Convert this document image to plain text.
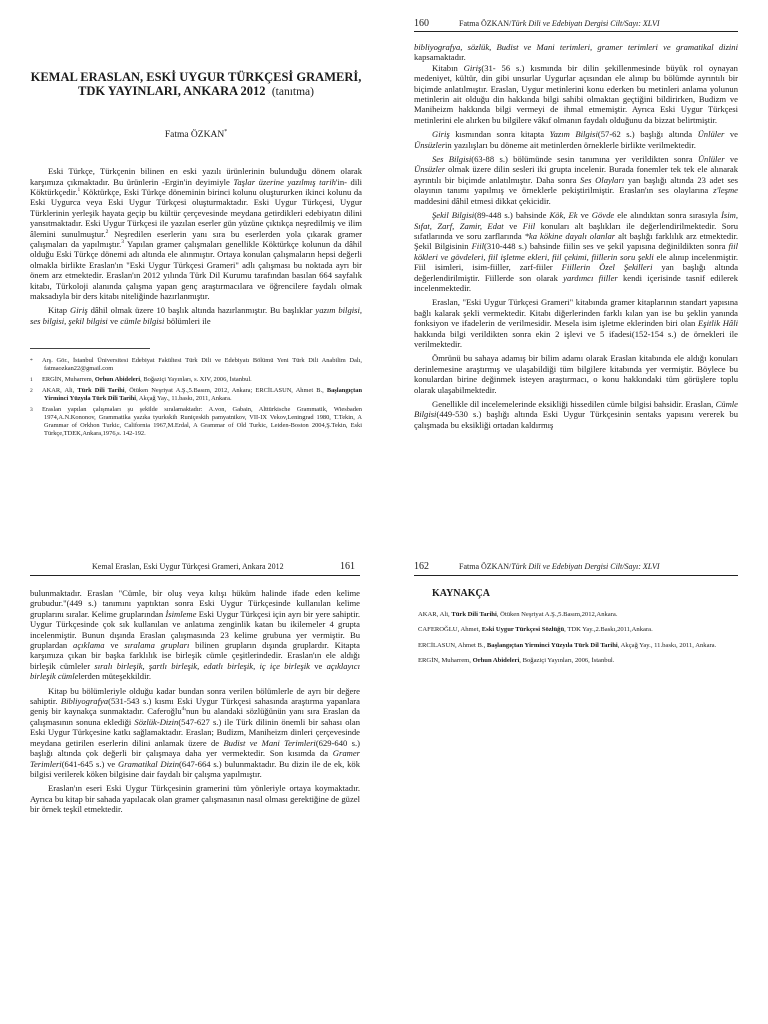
160	Fatma ÖZKAN/Türk Dili ve Edebiyatı Dergisi Cilt/Sayı: XLVI
KEMAL ERASLAN, ESKİ UYGUR TÜRKÇESİ GRAMERİ,
TDK YAYINLARI, ANKARA 2012 (tanıtma)
Fatma ÖZKAN*

Eski Türkçe, Türkçenin bilinen en eski yazılı ürünlerinin bulunduğu dönem olarak karşımıza çıkmaktadır. Bu ürünlerin -Ergin'in deyimiyle Taşlar üzerine yazılmış tarih'in- dili Köktürkçedir.$^1$ Köktürkçe, Eski Türkçe döneminin birinci kolunu oluştururken ikinci kolunu da Eski Uygurca veya Eski Uygur Türkçesi oluşturmaktadır. Eski Uygur Türkçesi, Uygur Türklerinin yerleşik hayata geçip bu kültür çerçevesinde meydana getirdikleri edebiyatın dilini yansıtmaktadır. Eski Uygur Türkçesi ile yazılan eserler gün yüzüne çıktıkça neşredilmiş ve ilim âlemini sunulmuştur.$^2$ Neşredilen eserlerin yanı sıra bu eserlerden yola çıkarak gramer çalışmaları da yapılmıştır.$^3$ Yapılan gramer çalışmaları genellikle Köktürkçe kolunun da dâhil olduğu Eski Türkçe dönemi adı altında ele alınmıştır. Ortaya konulan çalışmaların hepsi değerli olmakla birlikte Eraslan'ın "Eski Uygur Türkçesi Grameri" adlı çalışması bu noktada ayrı bir önem arz etmektedir. Eraslan'ın 2012 yılında Türk Dil Kurumu tarafından basılan 664 sayfalık kitabı, Türkoloji alanında çalışma yapan genç araştırmacılara ve öğrencilere faydalı olmak maksadıyla bir ders kitabı niteliğinde hazırlanmıştır.

Kitap Giriş dâhil olmak üzere 10 başlık altında hazırlanmıştır. Bu başlıklar yazım bilgisi, ses bilgisi, şekil bilgisi ve cümle bilgisi bölümleri ile

* Arş. Gör., İstanbul Üniversitesi Edebiyat Fakültesi Türk Dili ve Edebiyatı Bölümü Yeni Türk Dili Anabilim Dalı, fatmaozkan22@gmail.com
1 ERGİN, Muharrem, Orhun Abideleri, Boğaziçi Yayınları, s. XIV, 2006, İstanbul.
2 AKAR, Ali, Türk Dili Tarihi, Ötüken Neşriyat A.Ş.,5.Basım, 2012, Ankara; ERCİLASUN, Ahmet B., Başlangıçtan Yirminci Yüzyıla Türk Dili Tarihi, Akçağ Yay., 11.baskı, 2011, Ankara.
3 Eraslan yapılan çalışmaları şu şekilde sıralamaktadır: A.von, Gabain, Alttürkische Grammatik, Wiesbaden 1974,A.N.Kononov, Grammatika yazıka tyurkskih Runiçeskih pamyatnikov, VII-IX Vekov,Leningrad 1980, T.Tekin, A Grammar of Orkhon Turkic, California 1967,M.Erdal, A Grammar of Old Turkic, Leiden-Boston 2004,Ş.Tekin, Eski Türkçe,TDEK,Ankara,1976,s. 142-192.

bibliyografya, sözlük, Budist ve Mani terimleri, gramer terimleri ve gramatikal dizini kapsamaktadır.

Kitabın Giriş(31- 56 s.) kısmında bir dilin şekillenmesinde büyük rol oynayan medeniyet, kültür, din gibi unsurlar Uygurlar açısından ele alınıp bu bölümde ayrıntılı bir biçimde anlatılmıştır. Eraslan, Uygur metinlerini konu ederken bu metinleri anlama yolunun metinlerin ait olduğu din hakkında bilgi sahibi olmaktan geçtiğini bildirirken, Budizm ve Maniheizm hakkında bilgi vermeyi de ihmal etmemiştir. Ayrıca Eski Uygur Türkçesi metinlerini ele alırken bu bilgilere vâkıf olmanın faydalı olduğunu da bizzat belirtmiştir.

Giriş kısmından sonra kitapta Yazım Bilgisi(57-62 s.) başlığı altında Ünlüler ve Ünsüzlerin yazılışları bu döneme ait metinlerden örneklerle birlikte verilmektedir.

Ses Bilgisi(63-88 s.) bölümünde sesin tanımına yer verildikten sonra Ünlüler ve Ünsüzler olmak üzere dilin sesleri iki grupta incelenir. Burada fonemler tek tek ele alınarak ayrıntılı bir biçimde anlatılmıştır. Daha sonra Ses Olayları yan başlığı altında 23 adet ses olayının tanımı yapılmış ve örneklerle pekiştirilmiştir. Eraslan'ın ses olaylarına z'leşme maddesini dâhil etmesi dikkat çekicidir.

Şekil Bilgisi(89-448 s.) bahsinde Kök, Ek ve Gövde ele alındıktan sonra sırasıyla İsim, Sıfat, Zarf, Zamir, Edat ve Fiil konuları alt başlıkları ile değerlendirilmektedir. Soru sıfatlarında ve soru zarflarında *ka kökine dayalı olanlar alt başlığı farklılık arz etmektedir. Şekil Bilgisinin Fiil(310-448 s.) bahsinde fiilin ses ve şekil yapısına değinildikten sonra fiil kökleri ve gövdeleri, fiil işletme ekleri, fiil çekimi, fiillerin soru şekli ele alınıp incelenmiştir. Fiil isimleri, isim-fiiller, zarf-fiiler Fiillerin Özel Şekilleri yan başlığı altında değerlendirilmiştir. Fiillerde son olarak yardımcı fiiller kendi içerisinde tasnif edilerek incelenmektedir.

Eraslan, "Eski Uygur Türkçesi Grameri" kitabında gramer kitaplarının standart yapısına bağlı kalarak şekli vermektedir. Kitabı diğerlerinden farklı kılan yan ise bu şeklin yanında fonksiyon ve ifadelerin de verilmesidir. Mesela isim işletme eklerinden biri olan Eşitlik Hâli hakkında bilgi verildikten sonra ekin 2 işlevi ve 5 ifadesi(152-154 s.) de örnekleri ile verilmektedir.

Ömrünü bu sahaya adamış bir bilim adamı olarak Eraslan kitabında ele aldığı konuları derinlemesine araştırmış ve ulaşabildiği tüm bilgilere kitabında yer vermiştir. Böylece bu konulardan birine değinmek isteyen araştırmacı, o konu hakkındaki tüm görüşlere toplu olarak ulaşabilmektedir.

Genellikle dil incelemelerinde eksikliği hissedilen cümle bilgisi bahsidir. Eraslan, Cümle Bilgisi(449-530 s.) başlığı altında Eski Uygur Türkçesinin sentaks yapısını vererek bu çalışmada bu eksikliği ortadan kaldırmış

Kemal Eraslan, Eski Uygur Türkçesi Grameri, Ankara 2012	161

bulunmaktadır. Eraslan "Cümle, bir oluş veya kılışı hüküm halinde ifade eden kelime grubudur."(449 s.) tanımını yaptıktan sonra Eski Uygur Türkçesinde kullanılan kelime gruplarını sıralar. Kelime gruplarından İsimleme Eski Uygur Türkçesi için ayrı bir yere sahiptir. Uygur Türkçesinde çok sık kullanılan ve anlatıma zenginlik katan bu ikilemeler 4 grupta incelenmiştir. Bunun dışında Eraslan çalışmasında 23 kelime grubuna yer vermiştir. Bu gruplardan açıklama ve sıralama grupları bilinen grupların dışında gruplardır. Kitapta karşımıza çıkan bir başka farklılık ise birleşik cümle çeşitlerindedir. Eraslan'ın ele aldığı birleşik cümleler sıralı birleşik, şartlı birleşik, edatlı birleşik, iç içe birleşik ve açıklayıcı birleşik cümlelerden müteşekkildir.

Kitap bu bölümleriyle olduğu kadar bundan sonra verilen bölümlerle de ayrı bir değere sahiptir. Bibliyografya(531-543 s.) kısmı Eski Uygur Türkçesi sahasında araştırma yapanlara geniş bir kaynakça sunmaktadır. Caferoğlu$^4$'nun bu alandaki sözlüğünün yanı sıra Eraslan da çalışmasının sonuna eklediği Sözlük-Dizin(547-627 s.) ile Türk dilinin önemli bir sahası olan Eski Uygur Türkçesine katkı sağlamaktadır. Eraslan; Budizm, Maniheizm dinleri çerçevesinde meydana getirilen eserlerin dilini anlamak üzere de Budist ve Mani Terimleri(629-640 s.) başlığı altında çok değerli bir çalışmaya daha yer vermektedir. Son kısımda da Gramer Terimleri(641-645 s.) ve Gramatikal Dizin(647-664 s.) bulunmaktadır. Bu dizin ile de ek, kök bilgisi verilerek köken bilgisine dair faydalı bir çalışma yapılmıştır.

Eraslan'ın eseri Eski Uygur Türkçesinin gramerini tüm yönleriyle ortaya koymaktadır. Ayrıca bu kitap bir sahada yapılacak olan gramer çalışmasının nasıl olması gerektiğine de güzel bir örnek teşkil etmektedir.

162	Fatma ÖZKAN/Türk Dili ve Edebiyatı Dergisi Cilt/Sayı: XLVI
KAYNAKÇA
AKAR, Ali, Türk Dili Tarihi, Ötüken Neşriyat A.Ş.,5.Basım,2012,Ankara.
CAFEROĞLU, Ahmet, Eski Uygur Türkçesi Sözlüğü, TDK Yay.,2.Baskı,2011,Ankara.
ERCİLASUN, Ahmet B., Başlangıçtan Yirminci Yüzyıla Türk Dil Tarihi, Akçağ Yay., 11.baskı, 2011, Ankara.
ERGİN, Muharrem, Orhun Abideleri, Boğaziçi Yayınları, 2006, İstanbul.
